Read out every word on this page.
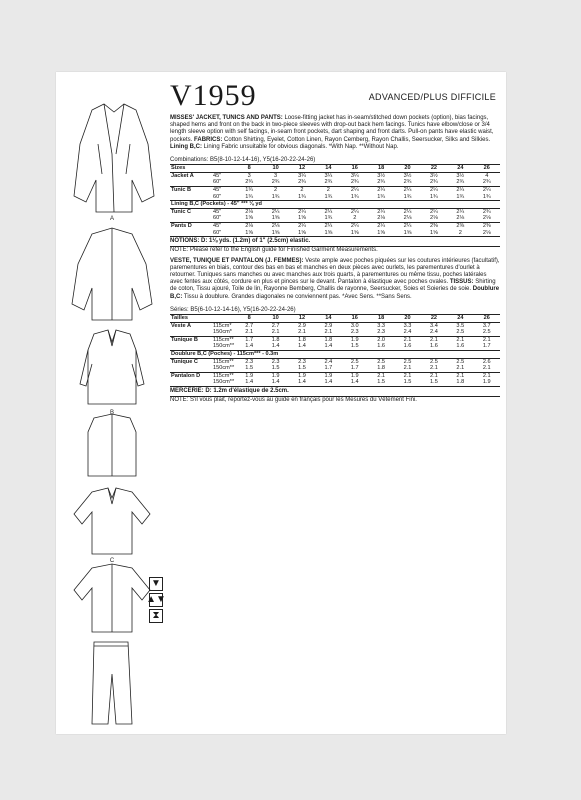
A
B
C
▼
▲▼
⧗
V1959	ADVANCED/PLUS DIFFICILE
MISSES' JACKET, TUNICS AND PANTS: Loose-fitting jacket has in-seam/stitched down pockets (option), bias facings, shaped hems and front on the back in two-piece sleeves with drop-out back hem facings. Tunics have elbow/close or 3/4 length sleeve option with self facings, in-seam front pockets, dart shaping and front darts. Pull-on pants have elastic waist, pockets. FABRICS: Cotton Shirting, Eyelet, Cotton Linen, Rayon Cemberg, Rayon Challis, Seersucker, Silks and Silkies. Lining B,C: Lining Fabric unsuitable for obvious diagonals. *With Nap. **Without Nap.
Combinations: B5(8-10-12-14-16), Y5(16-20-22-24-26)
Sizes		8	10	12	14	16	18	20	22	24	26
Jacket A	45"	3	3	3¼	3¼	3¼	3½	3½	3½	3½	4
	60"	2¾	2¾	2¾	2¾	2¾	2¾	2¾	2¾	2¾	2¾
Tunic B	45"	1¾	2	2	2	2¼	2¼	2¼	2¼	2¼	2¼
	60"	1¾	1¾	1¾	1¾	1¾	1¾	1¾	1¾	1¾	1¾
Lining B,C (Pockets) - 45" *** ⅛ yd											
Tunic C	45"	2⅛	2¼	2¼	2¼	2¼	2¼	2¼	2¼	2¼	2¾
	60"	1⅝	1⅝	1⅝	1¾	2	2⅛	2⅛	2⅛	2⅛	2⅛
Pants D	45"	2⅛	2⅛	2¼	2¼	2¼	2¼	2¼	2⅜	2⅜	2⅜
	60"	1⅝	1⅝	1⅝	1⅝	1⅝	1⅝	1⅝	1⅝	2	2⅛
NOTIONS: D: 1⅛ yds. (1.2m) of 1" (2.5cm) elastic.
NOTE: Please refer to the English guide for Finished Garment Measurements.
VESTE, TUNIQUE ET PANTALON (J. FEMMES): Veste ample avec poches piquées sur les coutures intérieures (facultatif), parementures en biais, contour des bas en bas et manches en deux pièces avec ourlets, les parementures d'ourlet à retourner. Tuniques sans manches ou avec manches aux trois quarts, à parementures ou même tissu, poches latérales avec fentes aux côtés, cordure en plus et pinces sur le devant. Pantalon à élastique avec poches ovales. TISSUS: Shirting de coton, Tissu ajouré, Toile de lin, Rayonne Bemberg, Challis de rayonne, Seersucker, Soies et Soieries de soie. Doublure B,C: Tissu à doublure. Grandes diagonales ne conviennent pas. *Avec Sens. **Sans Sens.
Séries: B5(6-10-12-14-16), Y5(16-20-22-24-26)
Tailles		8	10	12	14	16	18	20	22	24	26
Veste A	115cm*	2.7	2.7	2.9	2.9	3.0	3.3	3.3	3.4	3.5	3.7
	150cm*	2.1	2.1	2.1	2.1	2.3	2.3	2.4	2.4	2.5	2.5
Tunique B	115cm**	1.7	1.8	1.8	1.8	1.9	2.0	2.1	2.1	2.1	2.1
	150cm**	1.4	1.4	1.4	1.4	1.5	1.6	1.6	1.6	1.6	1.7
Doublure B,C (Poches) - 115cm*** - 0.3m											
Tunique C	115cm**	2.3	2.3	2.3	2.4	2.5	2.5	2.5	2.5	2.5	2.6
	150cm**	1.5	1.5	1.5	1.7	1.7	1.8	2.1	2.1	2.1	2.1
Pantalon D	115cm**	1.9	1.9	1.9	1.9	1.9	2.1	2.1	2.1	2.1	2.1
	150cm**	1.4	1.4	1.4	1.4	1.4	1.5	1.5	1.5	1.8	1.9
MERCERIE: D: 1.2m d'élastique de 2.5cm.
NOTE: S'il vous plait, reportez-vous au guide en français pour les Mesures du Vêtement Fini.
